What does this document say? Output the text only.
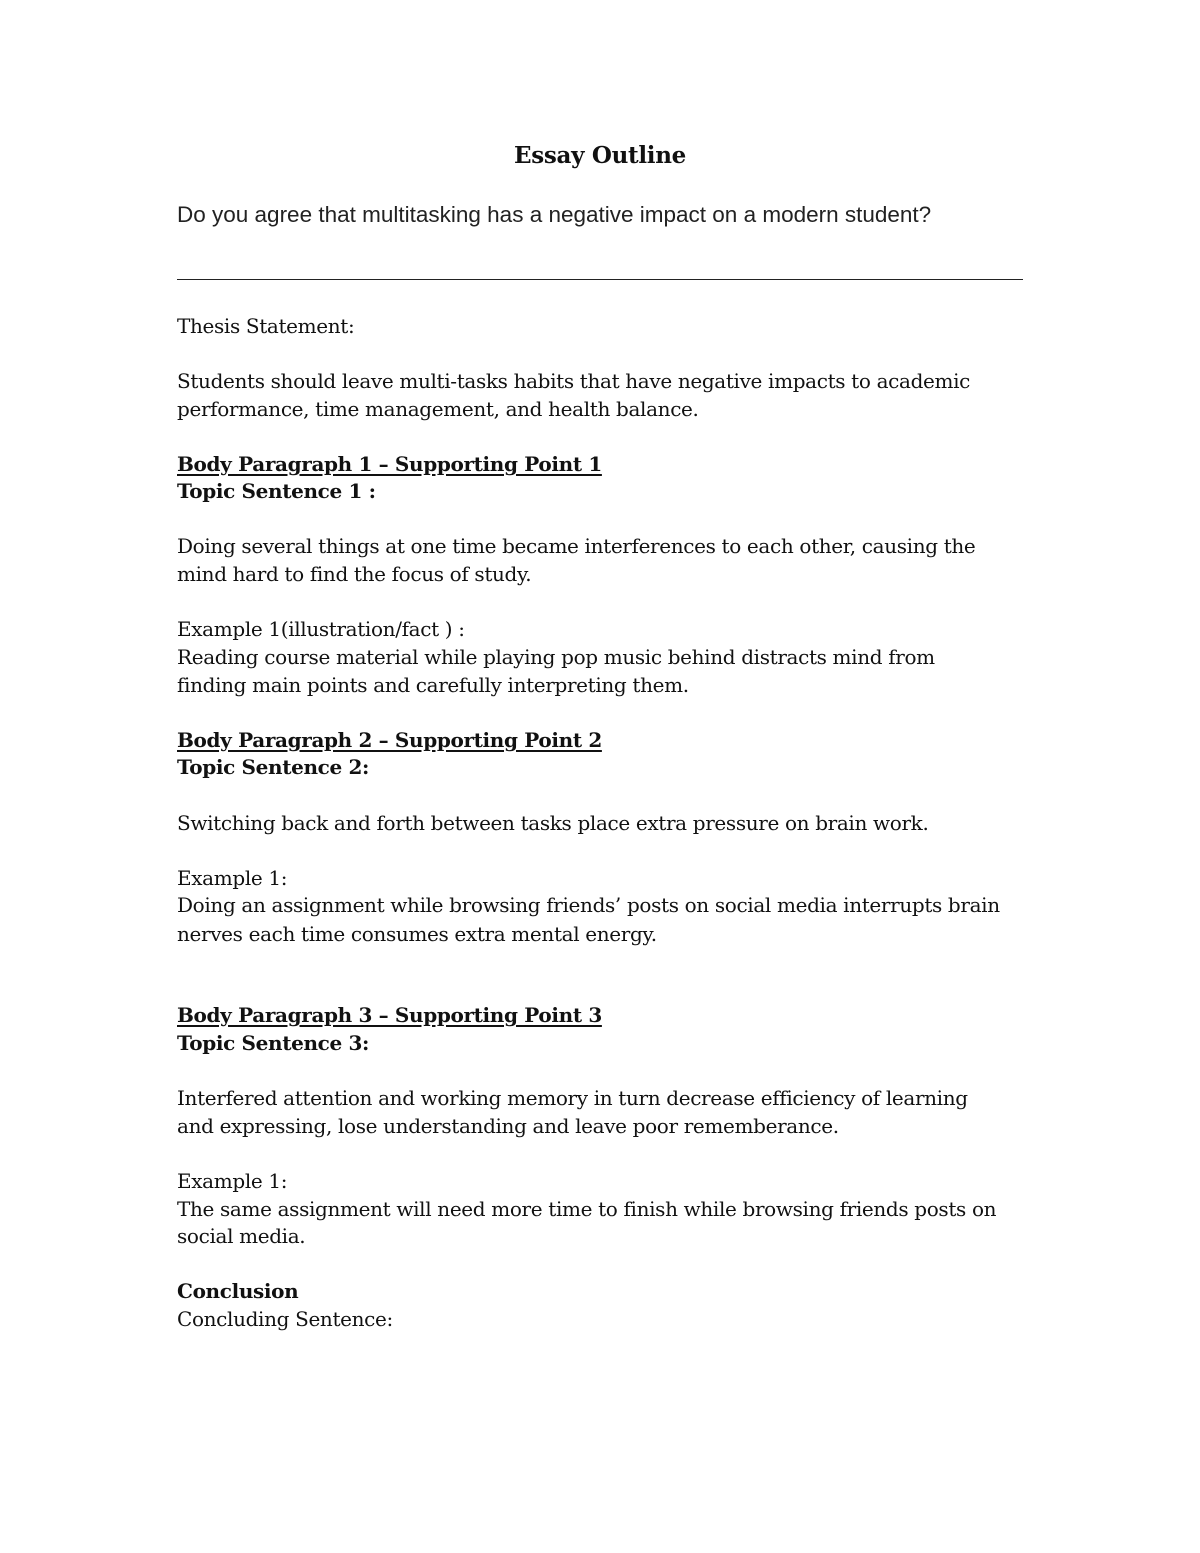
Essay Outline
Do you agree that multitasking has a negative impact on a modern student?
Thesis Statement:
Students should leave multi-tasks habits that have negative impacts to academic
performance, time management, and health balance.
Body Paragraph 1 – Supporting Point 1
Topic Sentence 1 :
Doing several things at one time became interferences to each other, causing the
mind hard to find the focus of study.
Example 1(illustration/fact ) :
Reading course material while playing pop music behind distracts mind from
finding main points and carefully interpreting them.
Body Paragraph 2 – Supporting Point 2
Topic Sentence 2:
Switching back and forth between tasks place extra pressure on brain work.
Example 1:
Doing an assignment while browsing friends’ posts on social media interrupts brain
nerves each time consumes extra mental energy.
Body Paragraph 3 – Supporting Point 3
Topic Sentence 3:
Interfered attention and working memory in turn decrease efficiency of learning
and expressing, lose understanding and leave poor rememberance.
Example 1:
The same assignment will need more time to finish while browsing friends posts on
social media.
Conclusion
Concluding Sentence:
